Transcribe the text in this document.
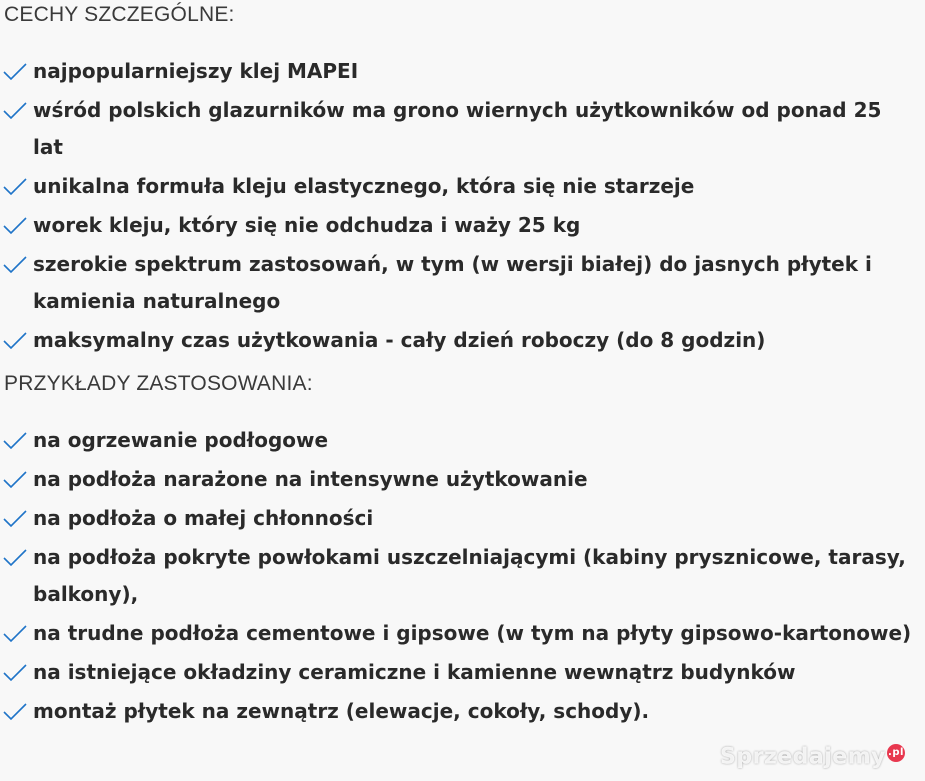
CECHY SZCZEGÓLNE:
najpopularniejszy klej MAPEI
wśród polskich glazurników ma grono wiernych użytkowników od ponad 25 lat
unikalna formuła kleju elastycznego, która się nie starzeje
worek kleju, który się nie odchudza i waży 25 kg
szerokie spektrum zastosowań, w tym (w wersji białej) do jasnych płytek i kamienia naturalnego
maksymalny czas użytkowania - cały dzień roboczy (do 8 godzin)
PRZYKŁADY ZASTOSOWANIA:
na ogrzewanie podłogowe
na podłoża narażone na intensywne użytkowanie
na podłoża o małej chłonności
na podłoża pokryte powłokami uszczelniającymi (kabiny prysznicowe, tarasy, balkony),
na trudne podłoża cementowe i gipsowe (w tym na płyty gipsowo-kartonowe)
na istniejące okładziny ceramiczne i kamienne wewnątrz budynków
montaż płytek na zewnątrz (elewacje, cokoły, schody).
Sprzedajemy .pl
